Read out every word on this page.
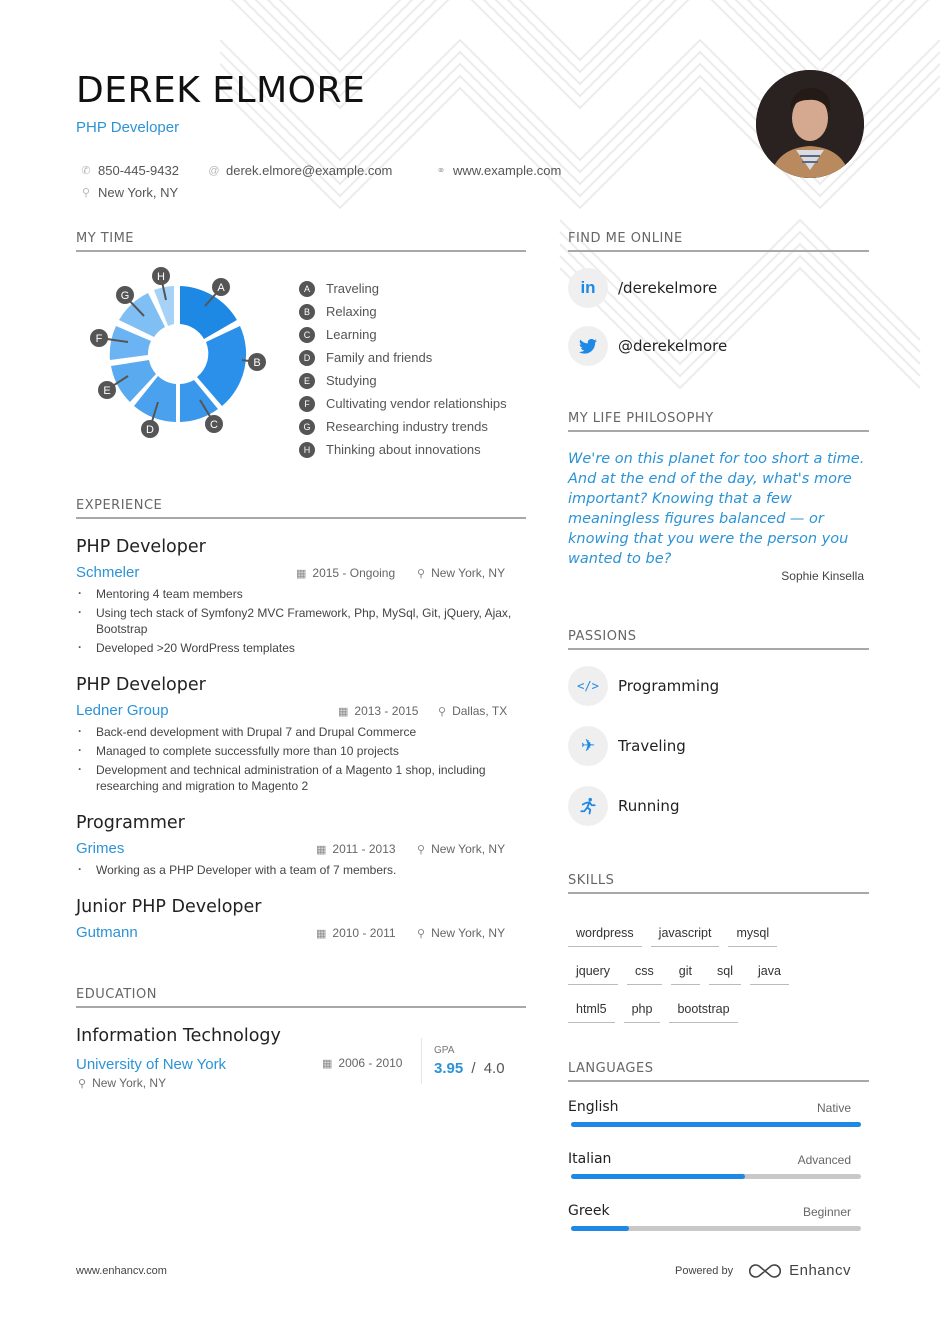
DEREK ELMORE
PHP Developer
✆ 850-445-9432	@ derek.elmore@example.com	⚭ www.example.com
⚲ New York, NY
MY TIME
A
B
C
D
E
F
G
H
A	Traveling
B	Relaxing
C	Learning
D	Family and friends
E	Studying
F	Cultivating vendor relationships
G	Researching industry trends
H	Thinking about innovations
EXPERIENCE
PHP Developer
Schmeler	▦ 2015 - Ongoing ⚲ New York, NY
· Mentoring 4 team members
· Using tech stack of Symfony2 MVC Framework, Php, MySql, Git, jQuery, Ajax, Bootstrap
· Developed >20 WordPress templates
PHP Developer
Ledner Group	▦ 2013 - 2015 ⚲ Dallas, TX
· Back-end development with Drupal 7 and Drupal Commerce
· Managed to complete successfully more than 10 projects
· Development and technical administration of a Magento 1 shop, including researching and migration to Magento 2
Programmer
Grimes	▦ 2011 - 2013 ⚲ New York, NY
· Working as a PHP Developer with a team of 7 members.
Junior PHP Developer
Gutmann	▦ 2010 - 2011 ⚲ New York, NY
EDUCATION
Information Technology
University of New York	▦ 2006 - 2010
⚲ New York, NY
GPA
3.95 / 4.0
FIND ME ONLINE
in	/derekelmore
@derekelmore
MY LIFE PHILOSOPHY
We're on this planet for too short a time. And at the end of the day, what's more important? Knowing that a few meaningless figures balanced — or knowing that you were the person you wanted to be?
Sophie Kinsella
PASSIONS
</>	Programming
✈	Traveling
Running
SKILLS
wordpress javascript mysql
jquery css git sql java
html5 php bootstrap
LANGUAGES
English	Native
Italian	Advanced
Greek	Beginner
www.enhancv.com	Powered by	Enhancv
